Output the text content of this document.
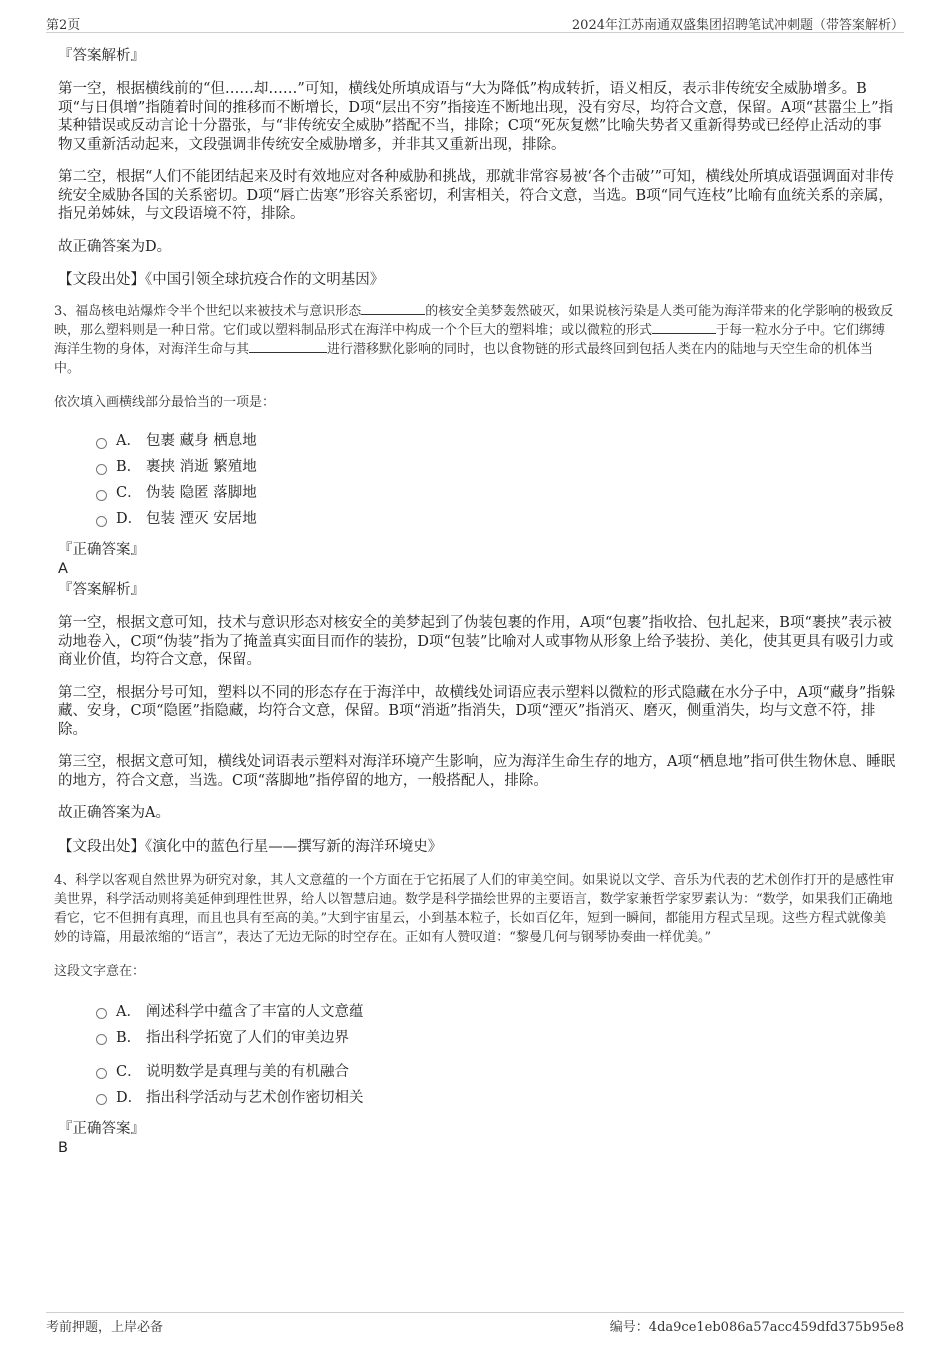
第2页	2024年江苏南通双盛集团招聘笔试冲刺题（带答案解析）
『答案解析』

第一空，根据横线前的“但……却……”可知，横线处所填成语与“大为降低”构成转折，语义相反，表示非传统安全威胁增多。B项“与日俱增”指随着时间的推移而不断增长，D项“层出不穷”指接连不断地出现，没有穷尽，均符合文意，保留。A项“甚嚣尘上”指某种错误或反动言论十分嚣张，与“非传统安全威胁”搭配不当，排除；C项“死灰复燃”比喻失势者又重新得势或已经停止活动的事物又重新活动起来，文段强调非传统安全威胁增多，并非其又重新出现，排除。

第二空，根据“人们不能团结起来及时有效地应对各种威胁和挑战，那就非常容易被‘各个击破’”可知，横线处所填成语强调面对非传统安全威胁各国的关系密切。D项“唇亡齿寒”形容关系密切，利害相关，符合文意，当选。B项“同气连枝”比喻有血统关系的亲属，指兄弟姊妹，与文段语境不符，排除。

故正确答案为D。

【文段出处】《中国引领全球抗疫合作的文明基因》

3、福岛核电站爆炸令半个世纪以来被技术与意识形态	的核安全美梦轰然破灭，如果说核污染是人类可能为海洋带来的化学影响的极致反映，那么塑料则是一种日常。它们或以塑料制品形式在海洋中构成一个个巨大的塑料堆；或以微粒的形式	于每一粒水分子中。它们绑缚海洋生物的身体，对海洋生命与其	进行潜移默化影响的同时，也以食物链的形式最终回到包括人类在内的陆地与天空生命的机体当中。

依次填入画横线部分最恰当的一项是：

A． 包裹 藏身 栖息地
B． 裹挟 消逝 繁殖地
C． 伪装 隐匿 落脚地
D． 包装 湮灭 安居地
『正确答案』

A

『答案解析』

第一空，根据文意可知，技术与意识形态对核安全的美梦起到了伪装包裹的作用，A项“包裹”指收拾、包扎起来，B项“裹挟”表示被动地卷入，C项“伪装”指为了掩盖真实面目而作的装扮，D项“包装”比喻对人或事物从形象上给予装扮、美化，使其更具有吸引力或商业价值，均符合文意，保留。

第二空，根据分号可知，塑料以不同的形态存在于海洋中，故横线处词语应表示塑料以微粒的形式隐藏在水分子中，A项“藏身”指躲藏、安身，C项“隐匿”指隐藏，均符合文意，保留。B项“消逝”指消失，D项“湮灭”指消灭、磨灭，侧重消失，均与文意不符，排除。

第三空，根据文意可知，横线处词语表示塑料对海洋环境产生影响，应为海洋生命生存的地方，A项“栖息地”指可供生物休息、睡眠的地方，符合文意，当选。C项“落脚地”指停留的地方，一般搭配人，排除。

故正确答案为A。

【文段出处】《演化中的蓝色行星——撰写新的海洋环境史》

4、科学以客观自然世界为研究对象，其人文意蕴的一个方面在于它拓展了人们的审美空间。如果说以文学、音乐为代表的艺术创作打开的是感性审美世界，科学活动则将美延伸到理性世界，给人以智慧启迪。数学是科学描绘世界的主要语言，数学家兼哲学家罗素认为：“数学，如果我们正确地看它，它不但拥有真理，而且也具有至高的美。”大到宇宙星云，小到基本粒子，长如百亿年，短到一瞬间，都能用方程式呈现。这些方程式就像美妙的诗篇，用最浓缩的“语言”，表达了无边无际的时空存在。正如有人赞叹道：“黎曼几何与钢琴协奏曲一样优美。”

这段文字意在：

A． 阐述科学中蕴含了丰富的人文意蕴
B． 指出科学拓宽了人们的审美边界
C． 说明数学是真理与美的有机融合
D． 指出科学活动与艺术创作密切相关
『正确答案』

B

考前押题，上岸必备	编号：4da9ce1eb086a57acc459dfd375b95e8
